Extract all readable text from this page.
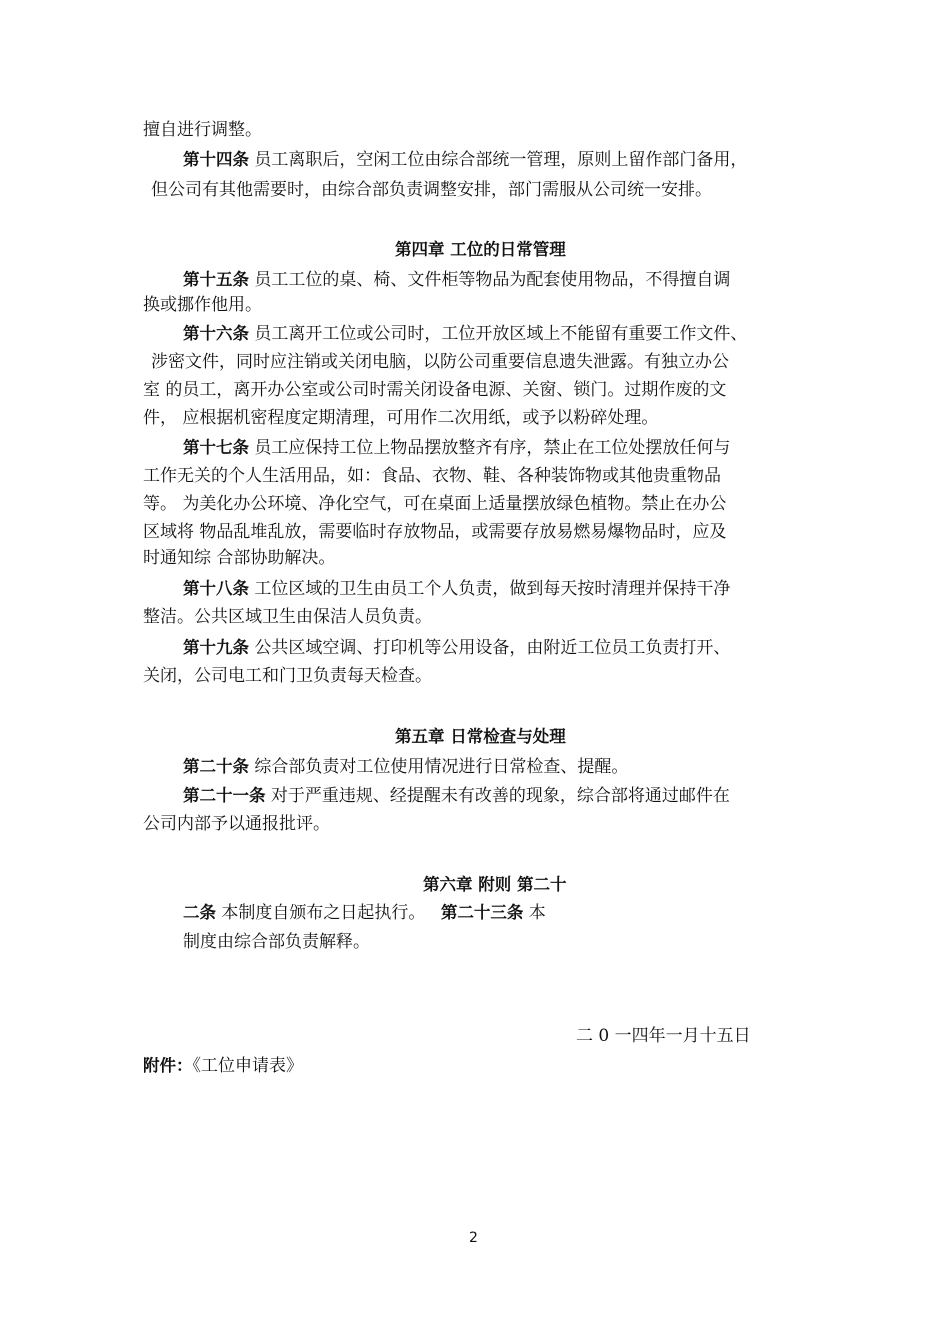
擅自进行调整。
第十四条 员工离职后，空闲工位由综合部统一管理，原则上留作部门备用，
但公司有其他需要时，由综合部负责调整安排，部门需服从公司统一安排。
第四章 工位的日常管理
第十五条 员工工位的桌、椅、文件柜等物品为配套使用物品，不得擅自调
换或挪作他用。
第十六条 员工离开工位或公司时，工位开放区域上不能留有重要工作文件、
涉密文件，同时应注销或关闭电脑，以防公司重要信息遗失泄露。有独立办公
室 的员工，离开办公室或公司时需关闭设备电源、关窗、锁门。过期作废的文
件， 应根据机密程度定期清理，可用作二次用纸，或予以粉碎处理。
第十七条 员工应保持工位上物品摆放整齐有序，禁止在工位处摆放任何与
工作无关的个人生活用品，如：食品、衣物、鞋、各种装饰物或其他贵重物品
等。 为美化办公环境、净化空气，可在桌面上适量摆放绿色植物。禁止在办公
区域将 物品乱堆乱放，需要临时存放物品，或需要存放易燃易爆物品时，应及
时通知综 合部协助解决。
第十八条 工位区域的卫生由员工个人负责，做到每天按时清理并保持干净
整洁。公共区域卫生由保洁人员负责。
第十九条 公共区域空调、打印机等公用设备，由附近工位员工负责打开、
关闭，公司电工和门卫负责每天检查。
第五章 日常检查与处理
第二十条 综合部负责对工位使用情况进行日常检查、提醒。
第二十一条 对于严重违规、经提醒未有改善的现象，综合部将通过邮件在
公司内部予以通报批评。
第六章 附则 第二十
二条 本制度自颁布之日起执行。 第二十三条 本
制度由综合部负责解释。
二 0 一四年一月十五日
附件：《工位申请表》
2
